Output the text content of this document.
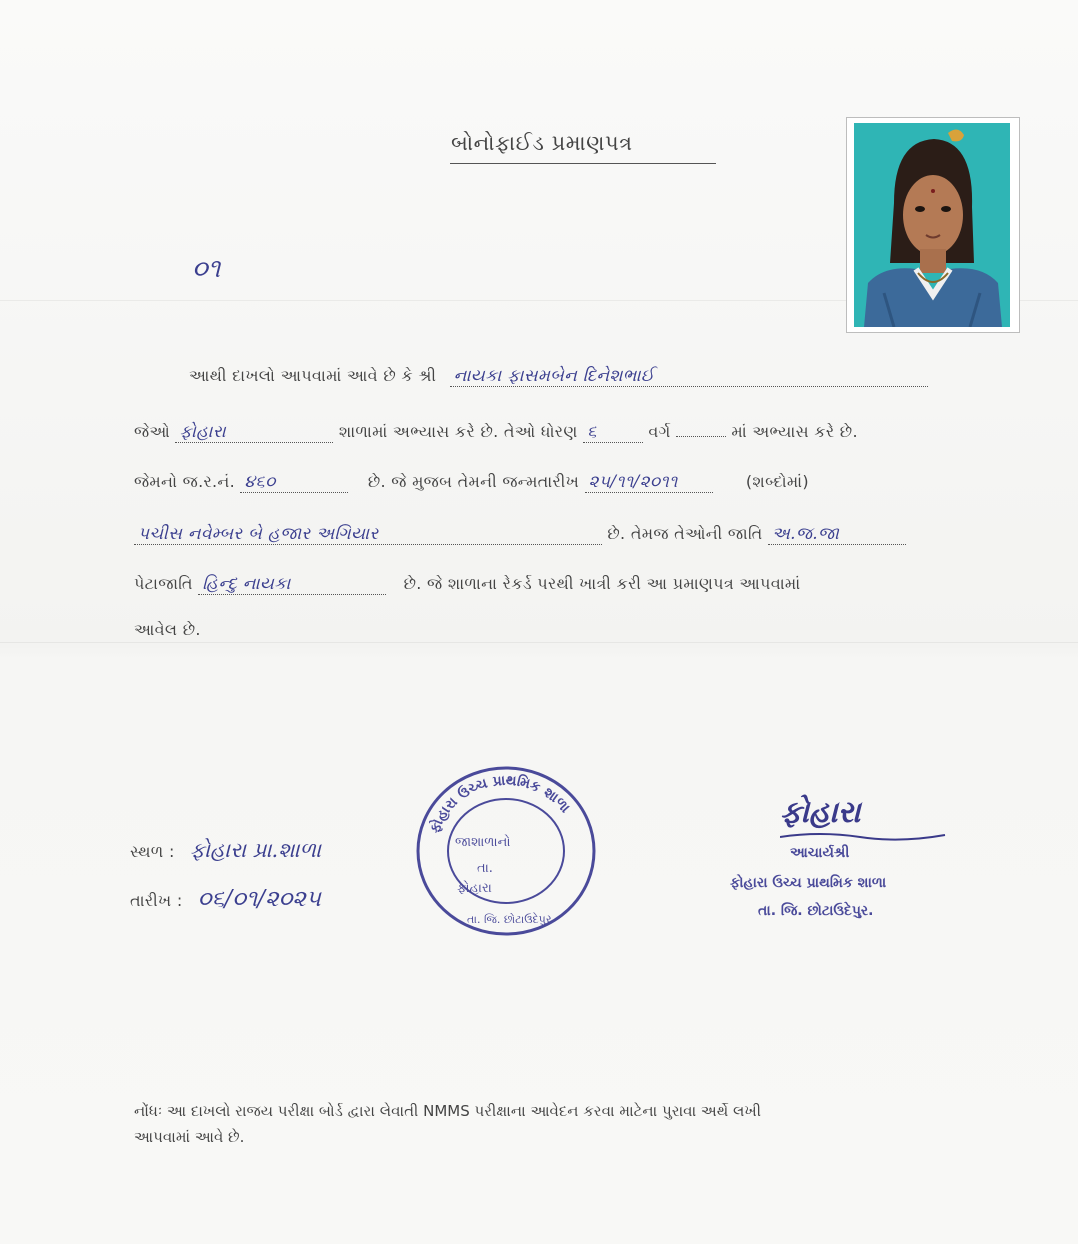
બોનોફાઈડ પ્રમાણપત્ર
૦૧
આથી દાખલો આપવામાં આવે છે કે શ્રી નાયકા ફાસમબેન દિનેશભાઈ
જેઓ ફોહારા	શાળામાં અભ્યાસ કરે છે. તેઓ ધોરણ ૬	વર્ગ	માં અભ્યાસ કરે છે.
જેમનો જ.ર.નં. ૪૬૦	છે. જે મુજબ તેમની જન્મતારીખ ૨૫/૧૧/૨૦૧૧	(શબ્દોમાં)
પચીસ નવેમ્બર બે હજાર અગિયાર	છે. તેમજ તેઓની જાતિ અ.જ.જા
પેટાજાતિ હિન્દુ નાયકા	છે. જે શાળાના રેકર્ડ પરથી ખાત્રી કરી આ પ્રમાણપત્ર આપવામાં
આવેલ છે.
સ્થળ : ફોહારા પ્રા.શાળા
તારીખ : ૦૬/૦૧/૨૦૨૫
ફોહારા ઉચ્ચ પ્રાથમિક શાળા
જાશાળાનો
તા.
ફોહારા
તા. જિ. છોટાઉદેપુર
ફોહારા
આચાર્યશ્રી
ફોહારા ઉચ્ચ પ્રાથમિક શાળા
તા. જિ. છોટાઉદેપુર.
નોંધઃ આ દાખલો રાજય પરીક્ષા બોર્ડ દ્વારા લેવાતી NMMS પરીક્ષાના આવેદન કરવા માટેના પુરાવા અર્થે લખી
આપવામાં આવે છે.
